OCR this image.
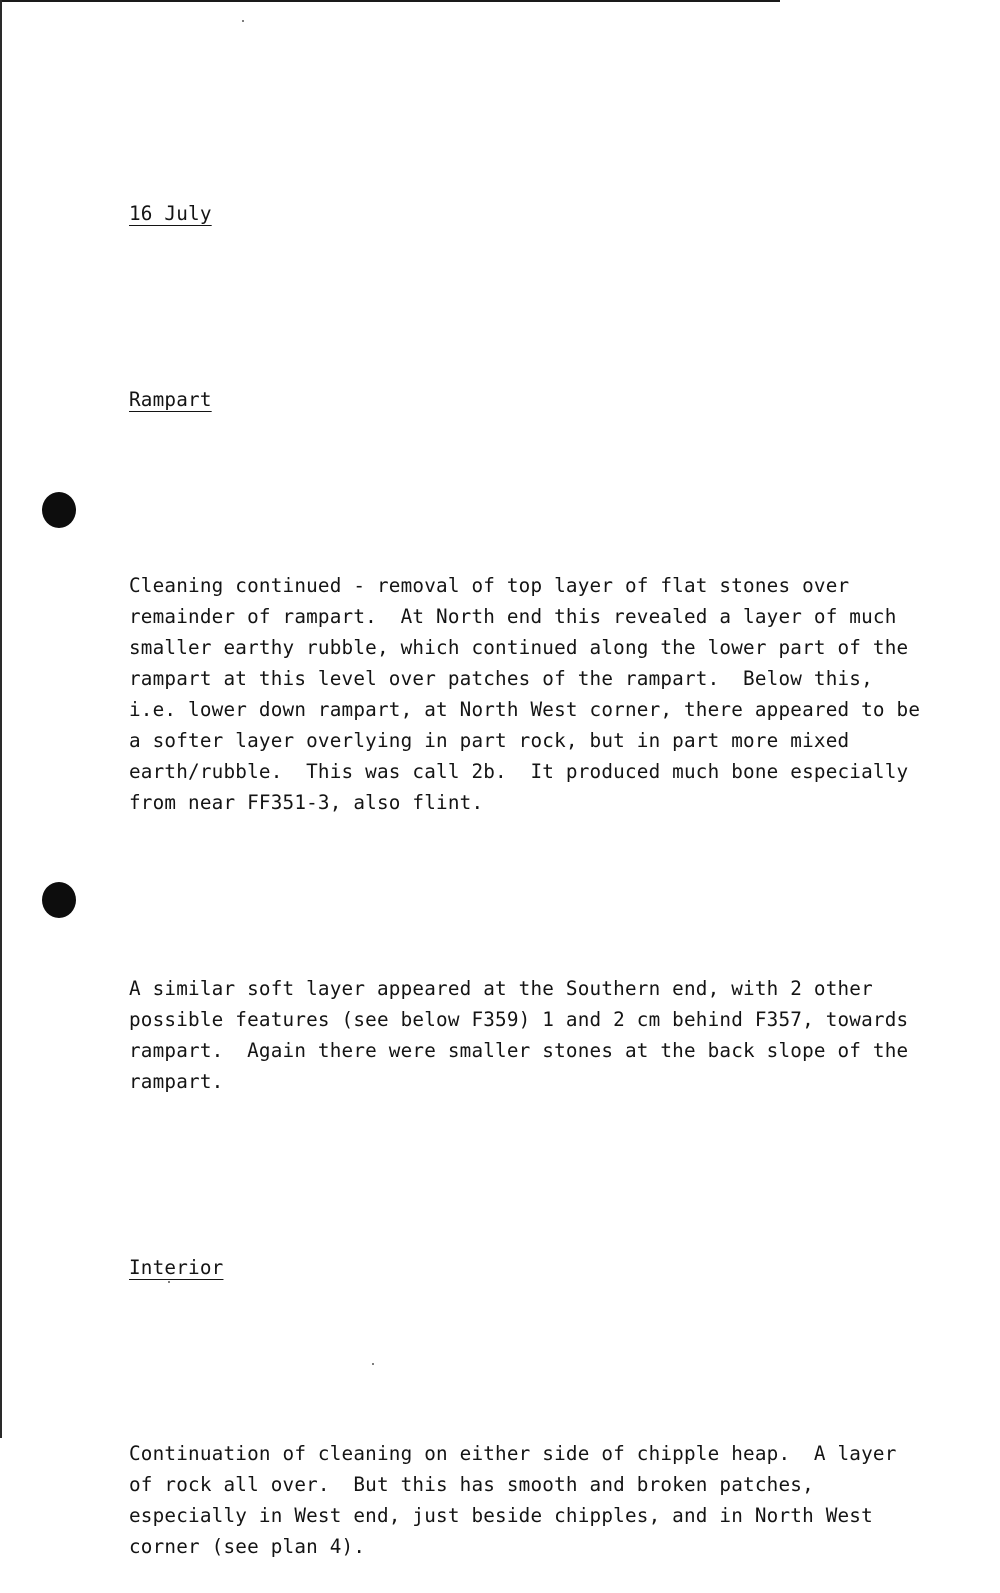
16 July

Rampart

Cleaning continued - removal of top layer of flat stones over
remainder of rampart.  At North end this revealed a layer of much
smaller earthy rubble, which continued along the lower part of the
rampart at this level over patches of the rampart.  Below this,
i.e. lower down rampart, at North West corner, there appeared to be
a softer layer overlying in part rock, but in part more mixed
earth/rubble.  This was call 2b.  It produced much bone especially
from near FF351-3, also flint.

A similar soft layer appeared at the Southern end, with 2 other
possible features (see below F359) 1 and 2 cm behind F357, towards
rampart.  Again there were smaller stones at the back slope of the
rampart.

Interior

Continuation of cleaning on either side of chipple heap.  A layer
of rock all over.  But this has smooth and broken patches,
especially in West end, just beside chipples, and in North West
corner (see plan 4).
